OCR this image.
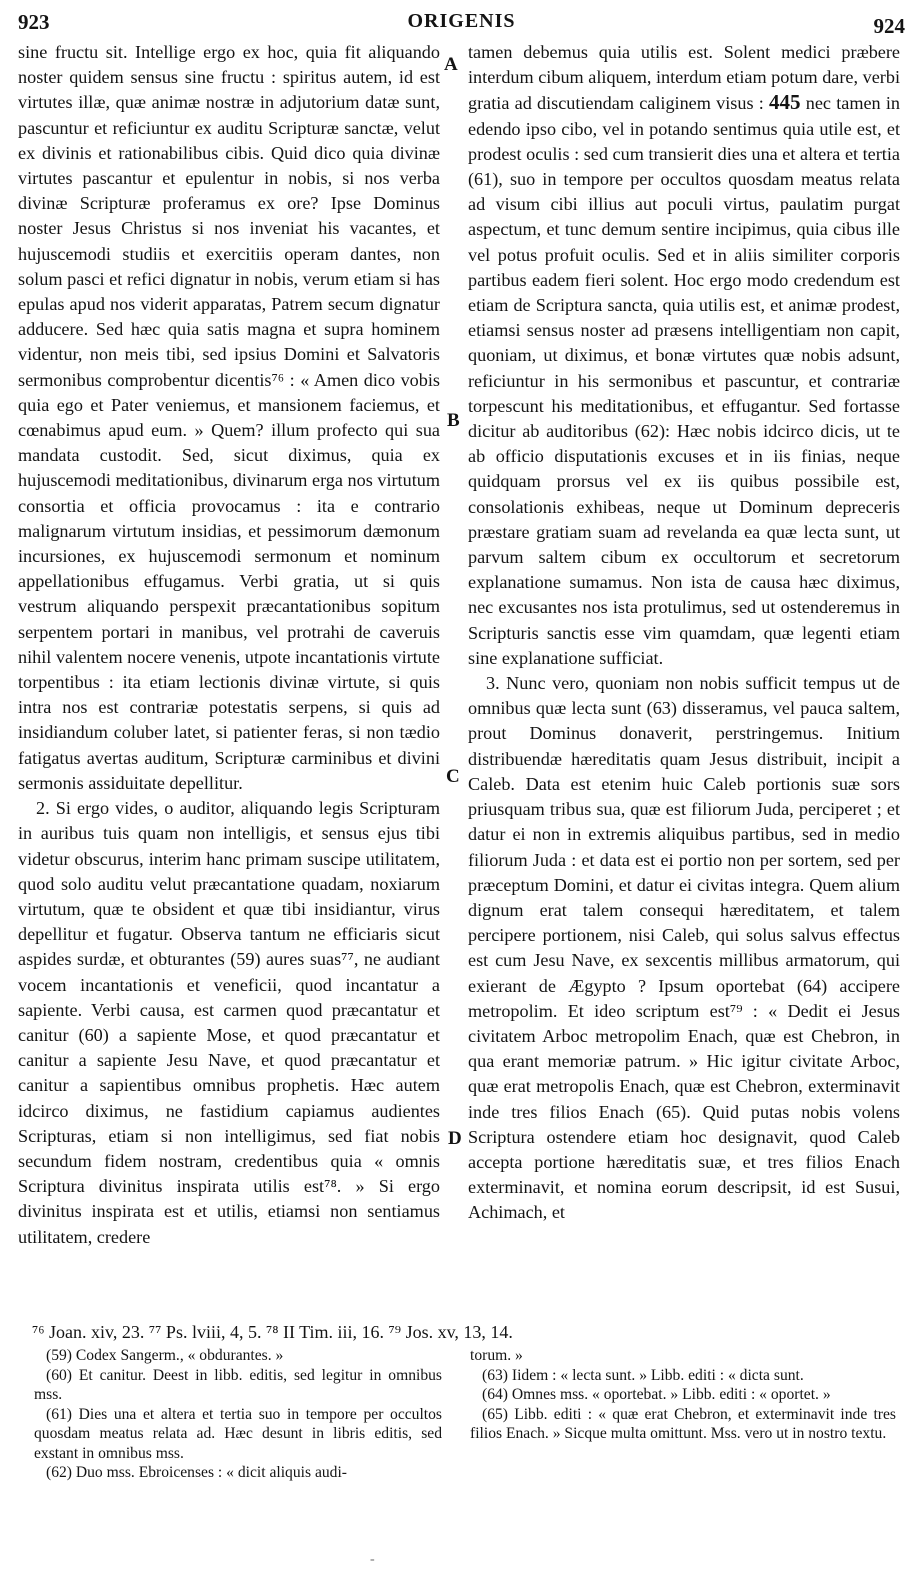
923	ORIGENIS	924
A
B
C
D

sine fructu sit. Intellige ergo ex hoc, quia fit aliquando noster quidem sensus sine fructu : spiritus autem, id est virtutes illæ, quæ animæ nostræ in adjutorium datæ sunt, pascuntur et reficiuntur ex auditu Scripturæ sanctæ, velut ex divinis et rationabilibus cibis. Quid dico quia divinæ virtutes pascantur et epulentur in nobis, si nos verba divinæ Scripturæ proferamus ex ore? Ipse Dominus noster Jesus Christus si nos inveniat his vacantes, et hujuscemodi studiis et exercitiis operam dantes, non solum pasci et refici dignatur in nobis, verum etiam si has epulas apud nos viderit apparatas, Patrem secum dignatur adducere. Sed hæc quia satis magna et supra hominem videntur, non meis tibi, sed ipsius Domini et Salvatoris sermonibus comprobentur dicentis⁷⁶ : « Amen dico vobis quia ego et Pater veniemus, et mansionem faciemus, et cœnabimus apud eum. » Quem? illum profecto qui sua mandata custodit. Sed, sicut diximus, quia ex hujuscemodi meditationibus, divinarum erga nos virtutum consortia et officia provocamus : ita e contrario malignarum virtutum insidias, et pessimorum dæmonum incursiones, ex hujuscemodi sermonum et nominum appellationibus effugamus. Verbi gratia, ut si quis vestrum aliquando perspexit præcantationibus sopitum serpentem portari in manibus, vel protrahi de caveruis nihil valentem nocere venenis, utpote incantationis virtute torpentibus : ita etiam lectionis divinæ virtute, si quis intra nos est contrariæ potestatis serpens, si quis ad insidiandum coluber latet, si patienter feras, si non tædio fatigatus avertas auditum, Scripturæ carminibus et divini sermonis assiduitate depellitur.

2. Si ergo vides, o auditor, aliquando legis Scripturam in auribus tuis quam non intelligis, et sensus ejus tibi videtur obscurus, interim hanc primam suscipe utilitatem, quod solo auditu velut præcantatione quadam, noxiarum virtutum, quæ te obsident et quæ tibi insidiantur, virus depellitur et fugatur. Observa tantum ne efficiaris sicut aspides surdæ, et obturantes (59) aures suas⁷⁷, ne audiant vocem incantationis et veneficii, quod incantatur a sapiente. Verbi causa, est carmen quod præcantatur et canitur (60) a sapiente Mose, et quod præcantatur et canitur a sapiente Jesu Nave, et quod præcantatur et canitur a sapientibus omnibus prophetis. Hæc autem idcirco diximus, ne fastidium capiamus audientes Scripturas, etiam si non intelligimus, sed fiat nobis secundum fidem nostram, credentibus quia « omnis Scriptura divinitus inspirata utilis est⁷⁸. » Si ergo divinitus inspirata est et utilis, etiamsi non sentiamus utilitatem, credere

tamen debemus quia utilis est. Solent medici præbere interdum cibum aliquem, interdum etiam potum dare, verbi gratia ad discutiendam caliginem visus : 445 nec tamen in edendo ipso cibo, vel in potando sentimus quia utile est, et prodest oculis : sed cum transierit dies una et altera et tertia (61), suo in tempore per occultos quosdam meatus relata ad visum cibi illius aut poculi virtus, paulatim purgat aspectum, et tunc demum sentire incipimus, quia cibus ille vel potus profuit oculis. Sed et in aliis similiter corporis partibus eadem fieri solent. Hoc ergo modo credendum est etiam de Scriptura sancta, quia utilis est, et animæ prodest, etiamsi sensus noster ad præsens intelligentiam non capit, quoniam, ut diximus, et bonæ virtutes quæ nobis adsunt, reficiuntur in his sermonibus et pascuntur, et contrariæ torpescunt his meditationibus, et effugantur. Sed fortasse dicitur ab auditoribus (62): Hæc nobis idcirco dicis, ut te ab officio disputationis excuses et in iis finias, neque quidquam prorsus vel ex iis quibus possibile est, consolationis exhibeas, neque ut Dominum depreceris præstare gratiam suam ad revelanda ea quæ lecta sunt, ut parvum saltem cibum ex occultorum et secretorum explanatione sumamus. Non ista de causa hæc diximus, nec excusantes nos ista protulimus, sed ut ostenderemus in Scripturis sanctis esse vim quamdam, quæ legenti etiam sine explanatione sufficiat.

3. Nunc vero, quoniam non nobis sufficit tempus ut de omnibus quæ lecta sunt (63) disseramus, vel pauca saltem, prout Dominus donaverit, perstringemus. Initium distribuendæ hæreditatis quam Jesus distribuit, incipit a Caleb. Data est etenim huic Caleb portionis suæ sors priusquam tribus sua, quæ est filiorum Juda, perciperet ; et datur ei non in extremis aliquibus partibus, sed in medio filiorum Juda : et data est ei portio non per sortem, sed per præceptum Domini, et datur ei civitas integra. Quem alium dignum erat talem consequi hæreditatem, et talem percipere portionem, nisi Caleb, qui solus salvus effectus est cum Jesu Nave, ex sexcentis millibus armatorum, qui exierant de Ægypto ? Ipsum oportebat (64) accipere metropolim. Et ideo scriptum est⁷⁹ : « Dedit ei Jesus civitatem Arboc metropolim Enach, quæ est Chebron, in qua erant memoriæ patrum. » Hic igitur civitate Arboc, quæ erat metropolis Enach, quæ est Chebron, exterminavit inde tres filios Enach (65). Quid putas nobis volens Scriptura ostendere etiam hoc designavit, quod Caleb accepta portione hæreditatis suæ, et tres filios Enach exterminavit, et nomina eorum descripsit, id est Susui, Achimach, et

⁷⁶ Joan. xiv, 23. ⁷⁷ Ps. lviii, 4, 5. ⁷⁸ II Tim. iii, 16. ⁷⁹ Jos. xv, 13, 14.

(59) Codex Sangerm., « obdurantes. »

(60) Et canitur. Deest in libb. editis, sed legitur in omnibus mss.

(61) Dies una et altera et tertia suo in tempore per occultos quosdam meatus relata ad. Hæc desunt in libris editis, sed exstant in omnibus mss.

(62) Duo mss. Ebroicenses : « dicit aliquis audi-

torum. »

(63) Iidem : « lecta sunt. » Libb. editi : « dicta sunt.

(64) Omnes mss. « oportebat. » Libb. editi : « oportet. »

(65) Libb. editi : « quæ erat Chebron, et exterminavit inde tres filios Enach. » Sicque multa omittunt. Mss. vero ut in nostro textu.

-
